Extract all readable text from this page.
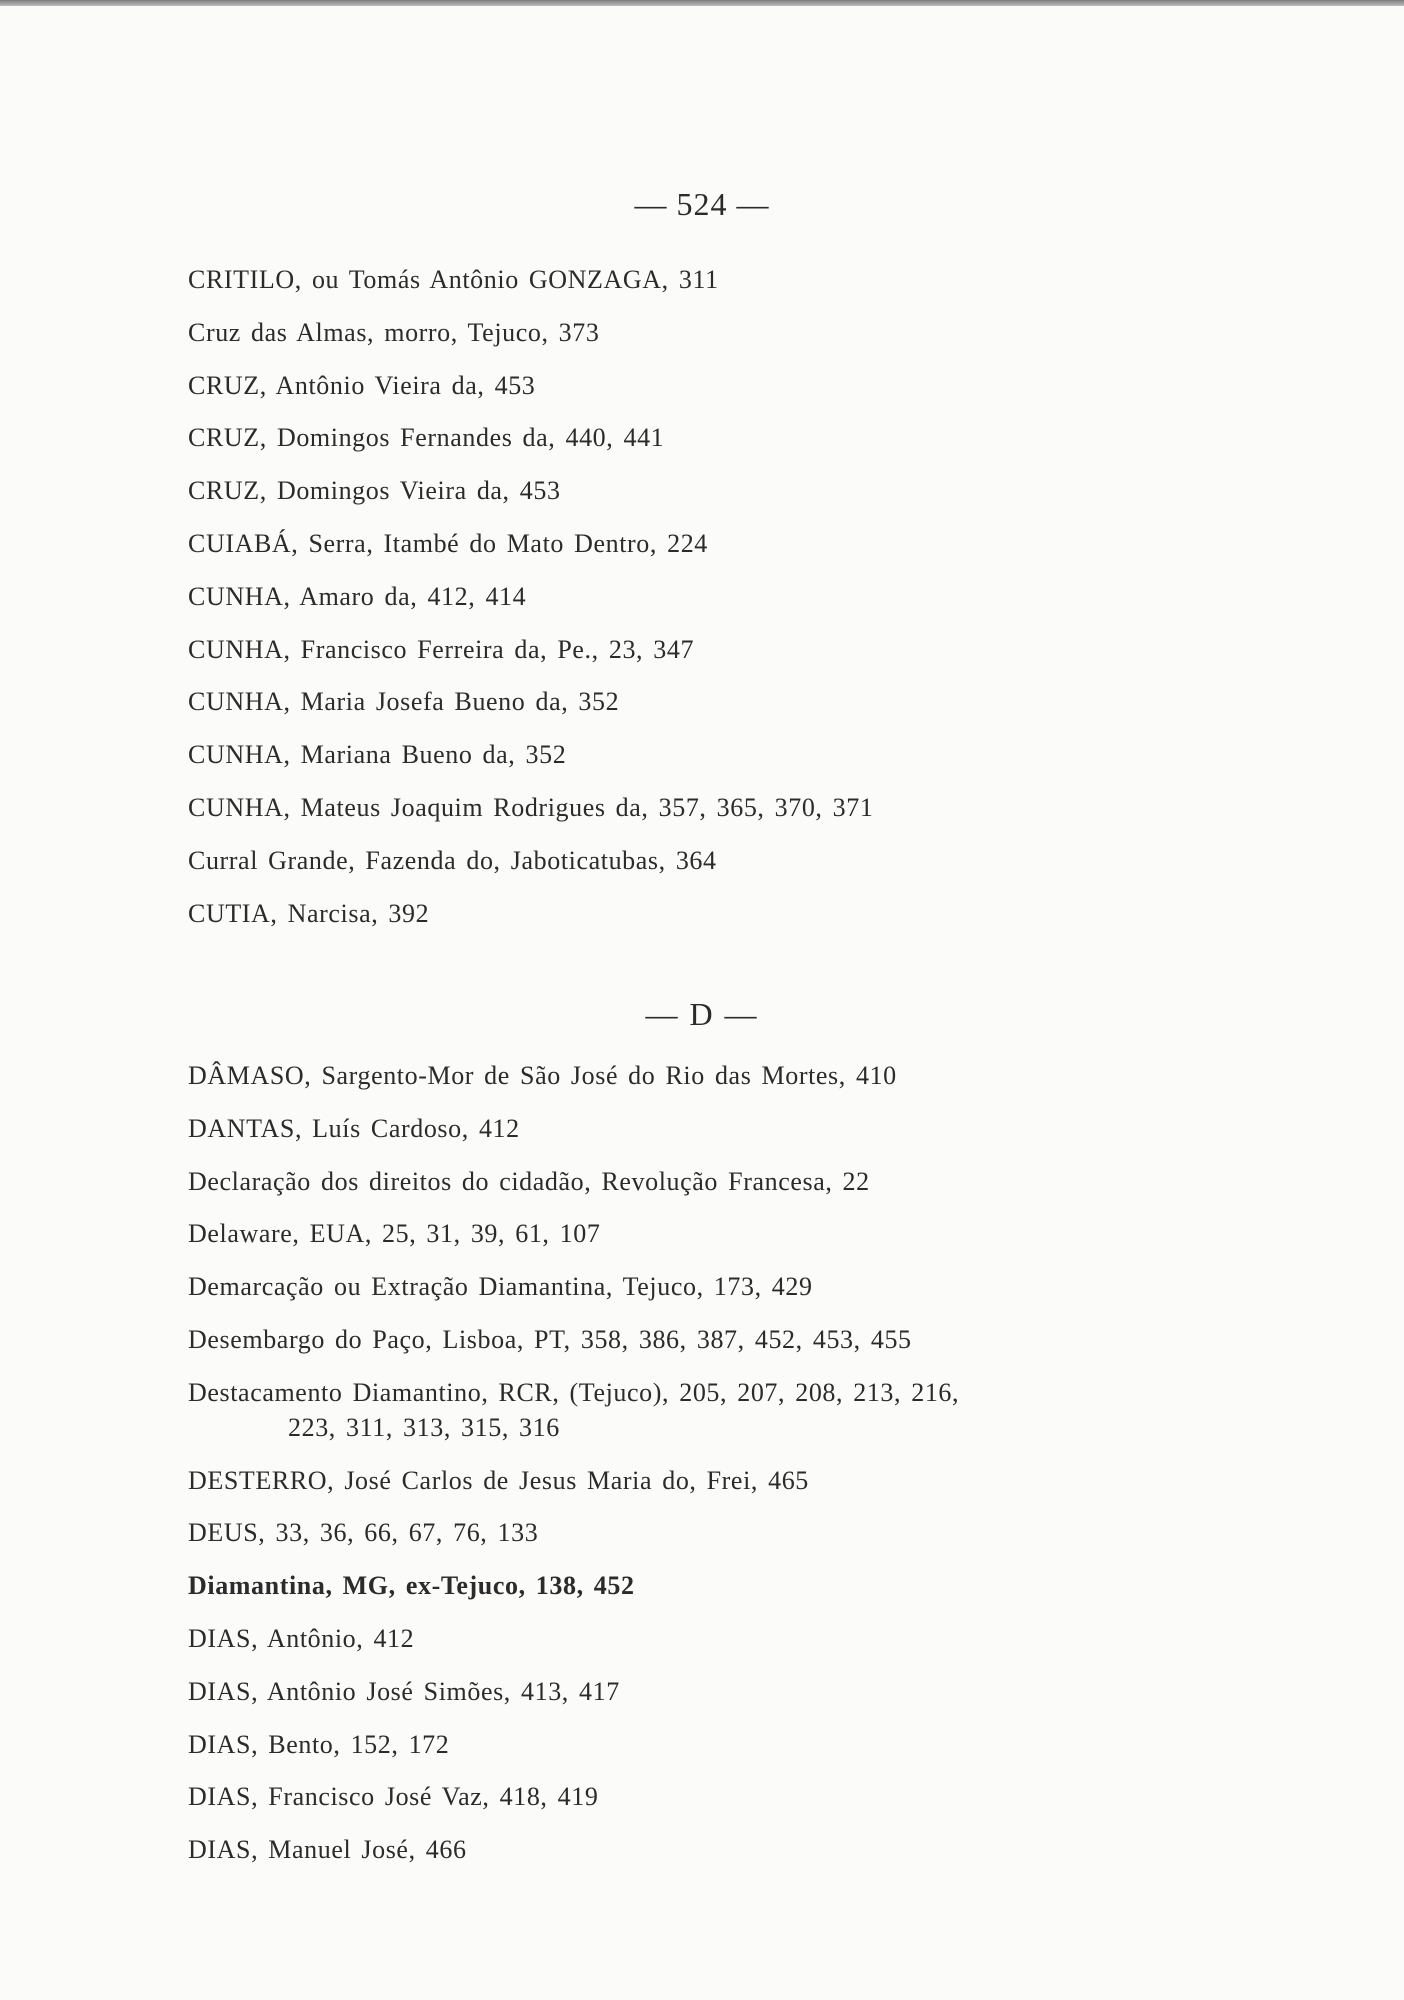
— 524 —
CRITILO, ou Tomás Antônio GONZAGA, 311
Cruz das Almas, morro, Tejuco, 373
CRUZ, Antônio Vieira da, 453
CRUZ, Domingos Fernandes da, 440, 441
CRUZ, Domingos Vieira da, 453
CUIABÁ, Serra, Itambé do Mato Dentro, 224
CUNHA, Amaro da, 412, 414
CUNHA, Francisco Ferreira da, Pe., 23, 347
CUNHA, Maria Josefa Bueno da, 352
CUNHA, Mariana Bueno da, 352
CUNHA, Mateus Joaquim Rodrigues da, 357, 365, 370, 371
Curral Grande, Fazenda do, Jaboticatubas, 364
CUTIA, Narcisa, 392
— D —
DÂMASO, Sargento-Mor de São José do Rio das Mortes, 410
DANTAS, Luís Cardoso, 412
Declaração dos direitos do cidadão, Revolução Francesa, 22
Delaware, EUA, 25, 31, 39, 61, 107
Demarcação ou Extração Diamantina, Tejuco, 173, 429
Desembargo do Paço, Lisboa, PT, 358, 386, 387, 452, 453, 455
Destacamento Diamantino, RCR, (Tejuco), 205, 207, 208, 213, 216,
223, 311, 313, 315, 316
DESTERRO, José Carlos de Jesus Maria do, Frei, 465
DEUS, 33, 36, 66, 67, 76, 133
Diamantina, MG, ex-Tejuco, 138, 452
DIAS, Antônio, 412
DIAS, Antônio José Simões, 413, 417
DIAS, Bento, 152, 172
DIAS, Francisco José Vaz, 418, 419
DIAS, Manuel José, 466
